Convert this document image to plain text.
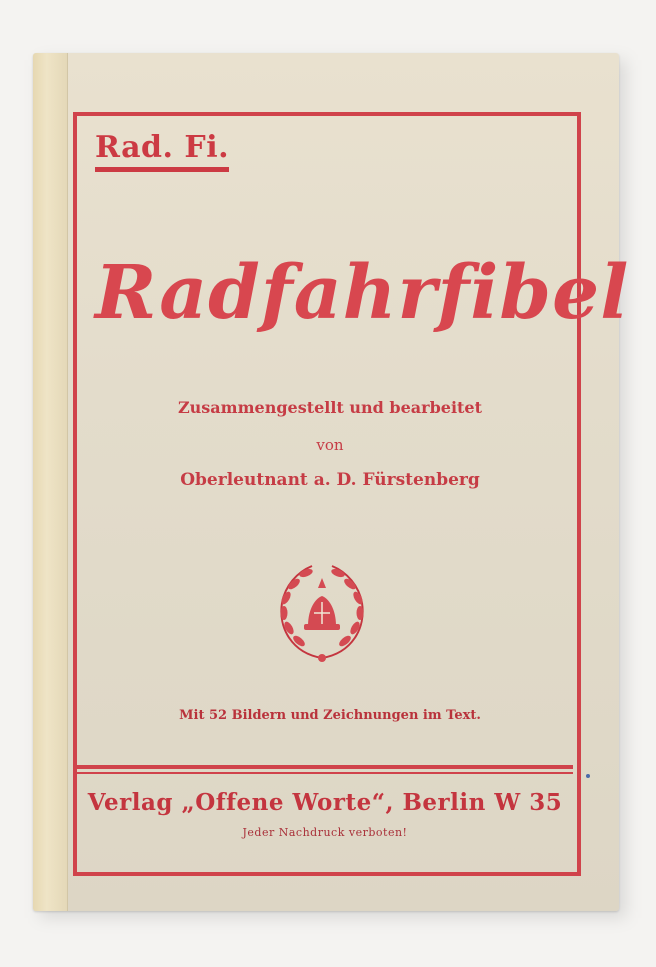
Rad. Fi.
Radfahrfibel
Zusammengestellt und bearbeitet
von
Oberleutnant a. D. Fürstenberg
Mit 52 Bildern und Zeichnungen im Text.
Verlag „Offene Worte“, Berlin W 35
Jeder Nachdruck verboten!
